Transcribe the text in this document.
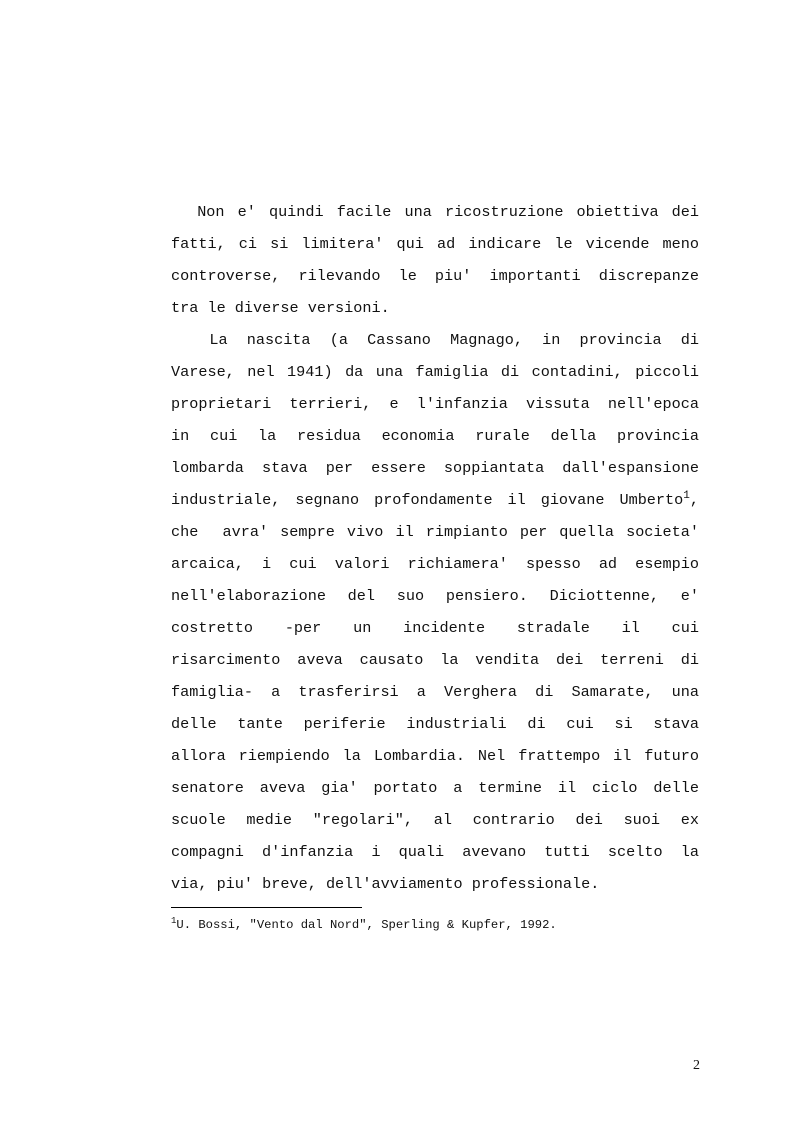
Non e' quindi facile una ricostruzione obiettiva dei
fatti, ci si limitera' qui ad indicare le vicende meno
controverse, rilevando le piu' importanti discrepanze
tra le diverse versioni.
La nascita (a Cassano Magnago, in provincia di
Varese, nel 1941) da una famiglia di contadini, piccoli
proprietari terrieri, e l'infanzia vissuta nell'epoca
in cui la residua economia rurale della provincia
lombarda stava per essere soppiantata dall'espansione
industriale, segnano profondamente il giovane Umberto$^1$,
che  avra' sempre vivo il rimpianto per quella societa'
arcaica, i cui valori richiamera' spesso ad esempio
nell'elaborazione del suo pensiero. Diciottenne, e'
costretto -per un incidente stradale il cui
risarcimento aveva causato la vendita dei terreni di
famiglia- a trasferirsi a Verghera di Samarate, una
delle tante periferie industriali di cui si stava
allora riempiendo la Lombardia. Nel frattempo il futuro
senatore aveva gia' portato a termine il ciclo delle
scuole medie "regolari", al contrario dei suoi ex
compagni d'infanzia i quali avevano tutti scelto la
via, piu' breve, dell'avviamento professionale.
$^1$U. Bossi, "Vento dal Nord", Sperling & Kupfer, 1992.
2
